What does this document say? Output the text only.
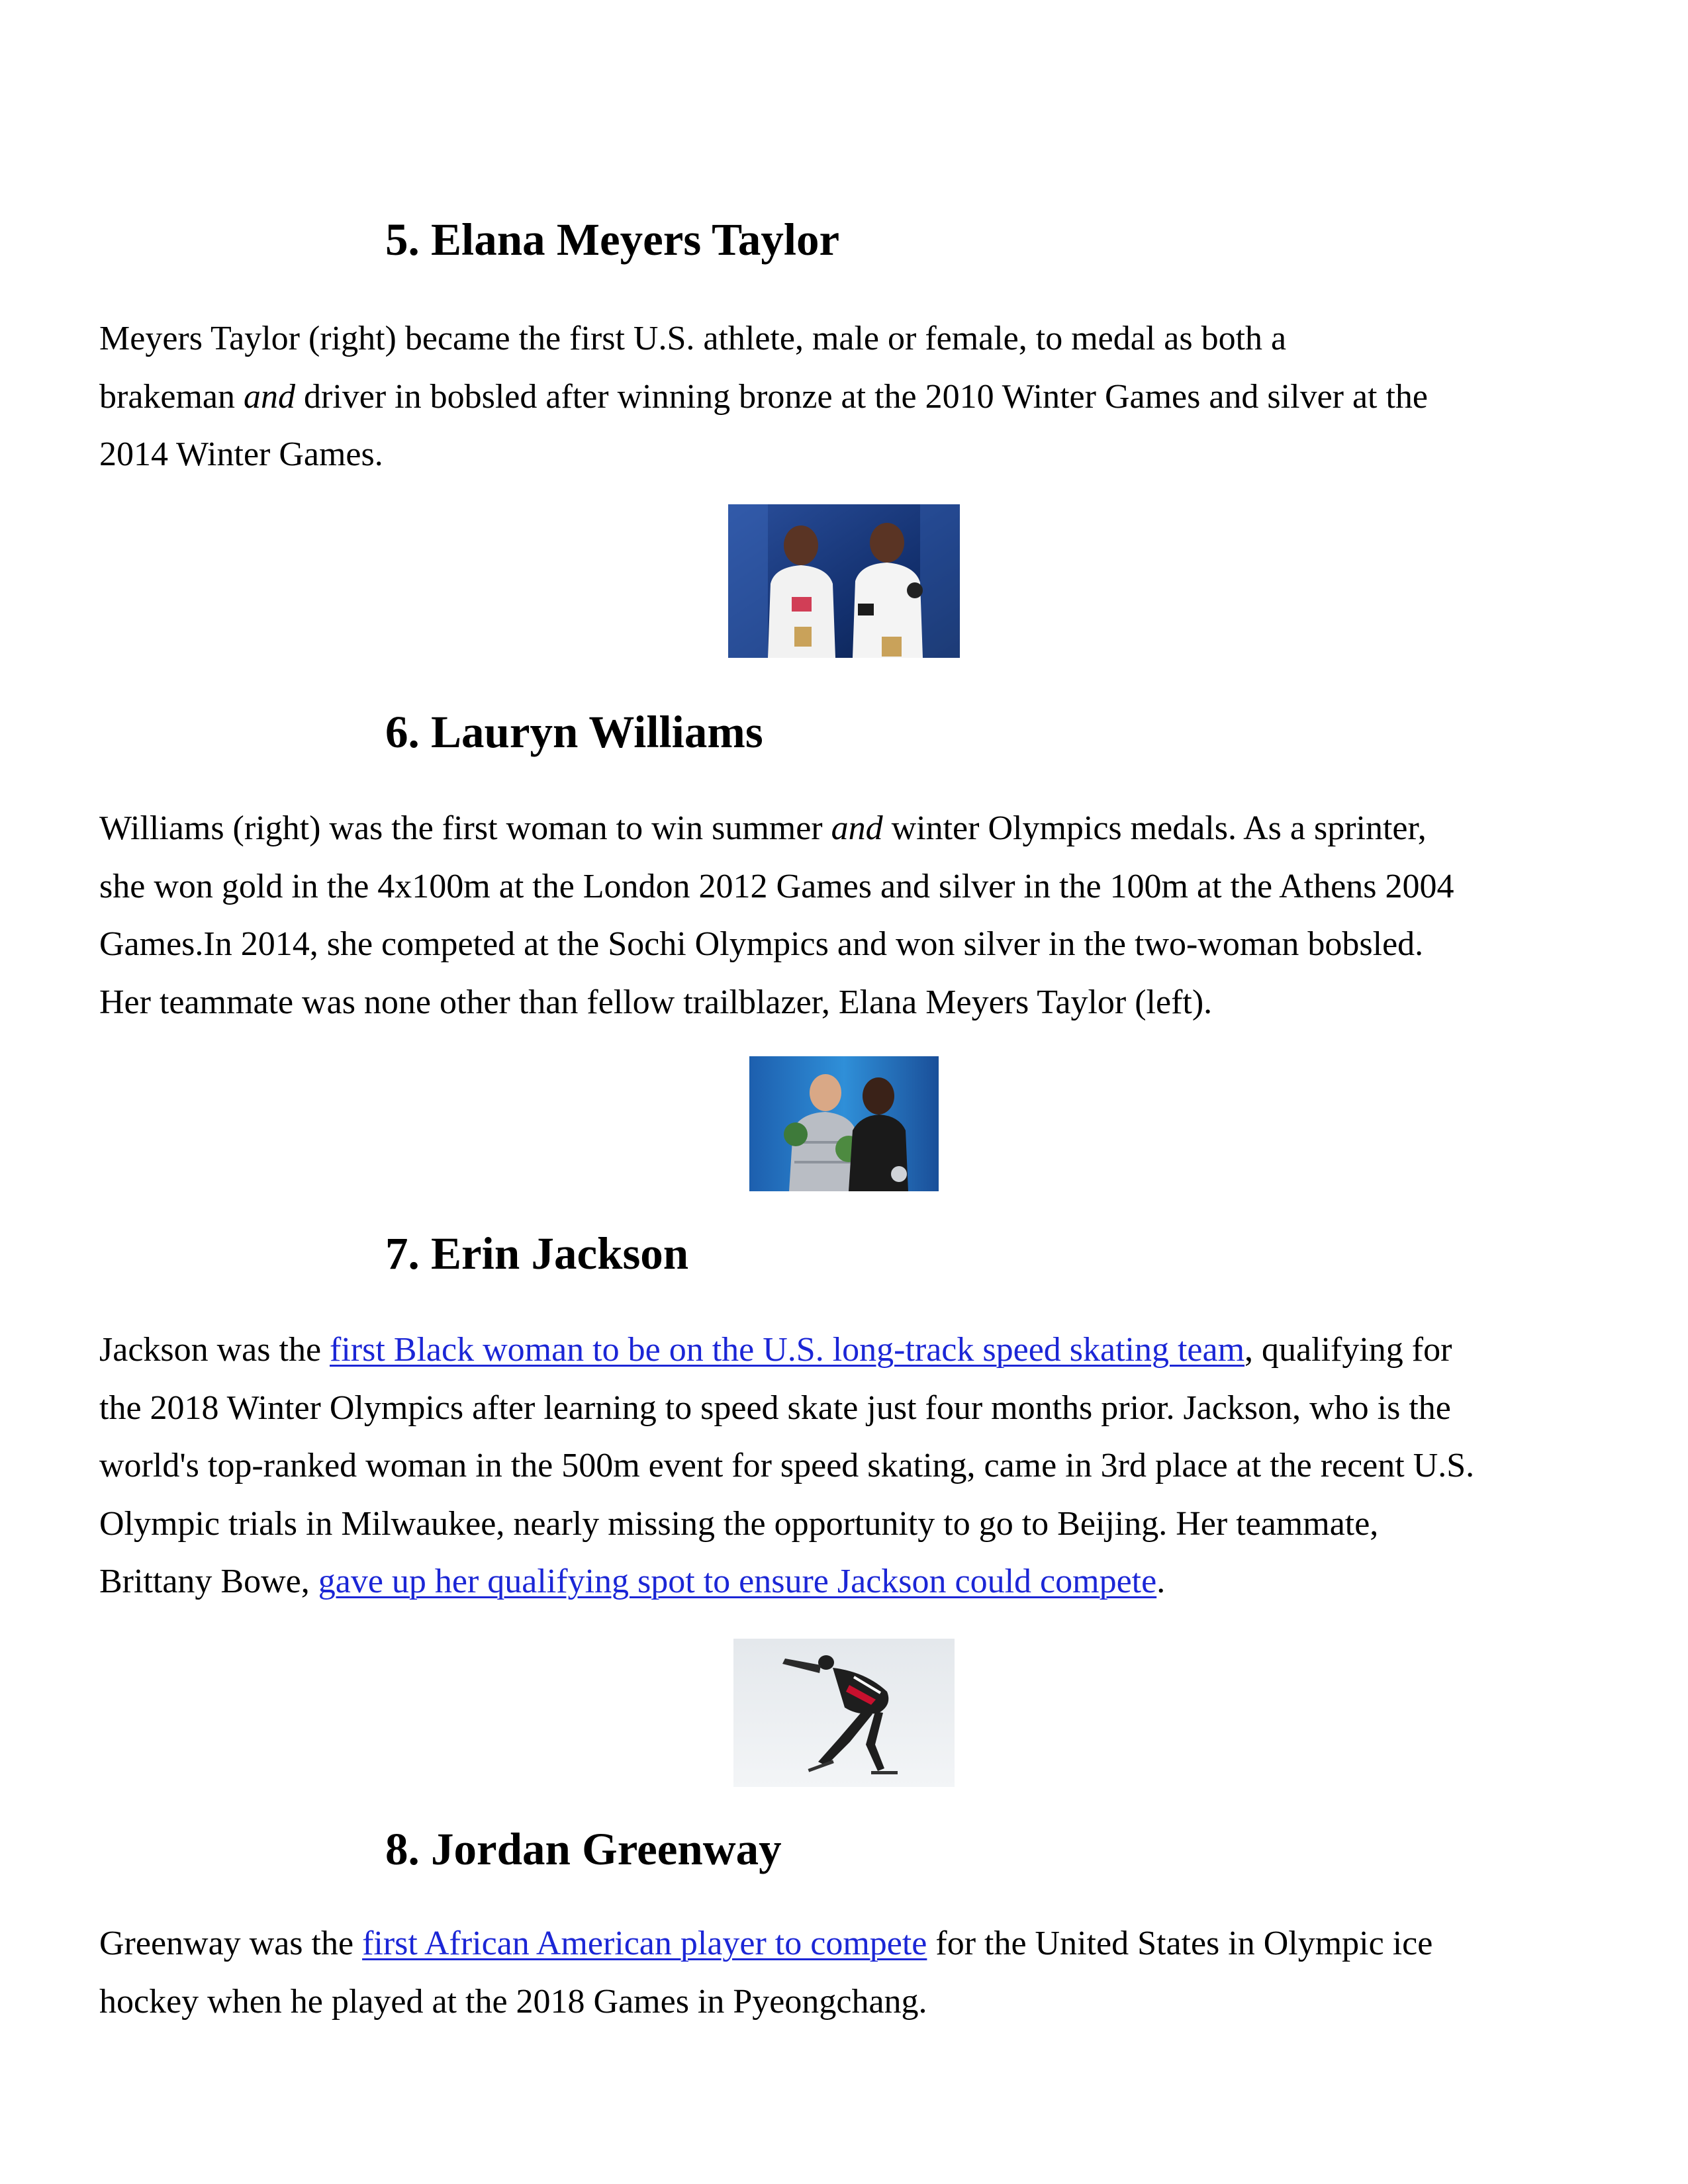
5. Elana Meyers Taylor

Meyers Taylor (right) became the first U.S. athlete, male or female, to medal as both a
brakeman and driver in bobsled after winning bronze at the 2010 Winter Games and silver at the
2014 Winter Games.

6. Lauryn Williams

Williams (right) was the first woman to win summer and winter Olympics medals. As a sprinter,
she won gold in the 4x100m at the London 2012 Games and silver in the 100m at the Athens 2004
Games.In 2014, she competed at the Sochi Olympics and won silver in the two-woman bobsled.
Her teammate was none other than fellow trailblazer, Elana Meyers Taylor (left).

7. Erin Jackson

Jackson was the first Black woman to be on the U.S. long-track speed skating team, qualifying for
the 2018 Winter Olympics after learning to speed skate just four months prior. Jackson, who is the
world's top-ranked woman in the 500m event for speed skating, came in 3rd place at the recent U.S.
Olympic trials in Milwaukee, nearly missing the opportunity to go to Beijing. Her teammate,
Brittany Bowe, gave up her qualifying spot to ensure Jackson could compete.

8. Jordan Greenway

Greenway was the first African American player to compete for the United States in Olympic ice
hockey when he played at the 2018 Games in Pyeongchang.
